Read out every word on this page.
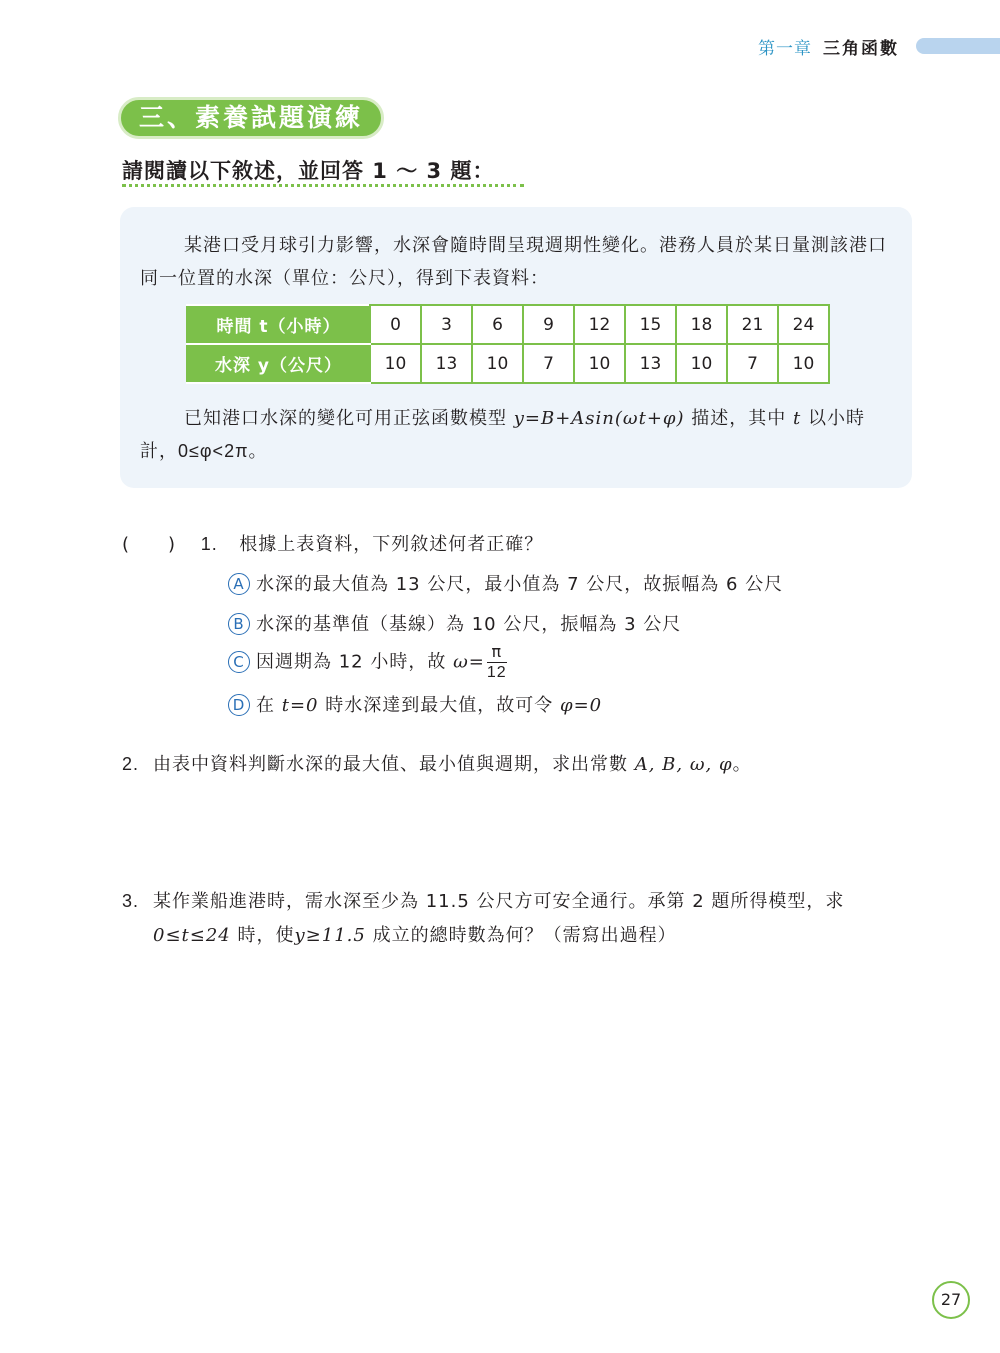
第一章 三角函數
三、素養試題演練
請閱讀以下敘述，並回答 1 ～ 3 題：
某港口受月球引力影響，水深會隨時間呈現週期性變化。港務人員於某日量測該港口同一位置的水深（單位：公尺），得到下表資料：
時間 t（小時）	0	3	6	9	12	15	18	21	24
水深 y（公尺）	10	13	10	7	10	13	10	7	10
已知港口水深的變化可用正弦函數模型 y=B+Asin(ωt+φ) 描述，其中 t 以小時計，0≤φ<2π。
(　　) 1. 根據上表資料，下列敘述何者正確？
A 水深的最大值為 13 公尺，最小值為 7 公尺，故振幅為 6 公尺
B 水深的基準值（基線）為 10 公尺，振幅為 3 公尺
C 因週期為 12 小時，故 $\omega= \frac{\pi}{12}$
D 在 t=0 時水深達到最大值，故可令 φ=0
2. 由表中資料判斷水深的最大值、最小值與週期，求出常數 A, B, ω, φ。
3. 某作業船進港時，需水深至少為 11.5 公尺方可安全通行。承第 2 題所得模型，求
0≤t≤24 時，使y≥11.5 成立的總時數為何？（需寫出過程）
27
